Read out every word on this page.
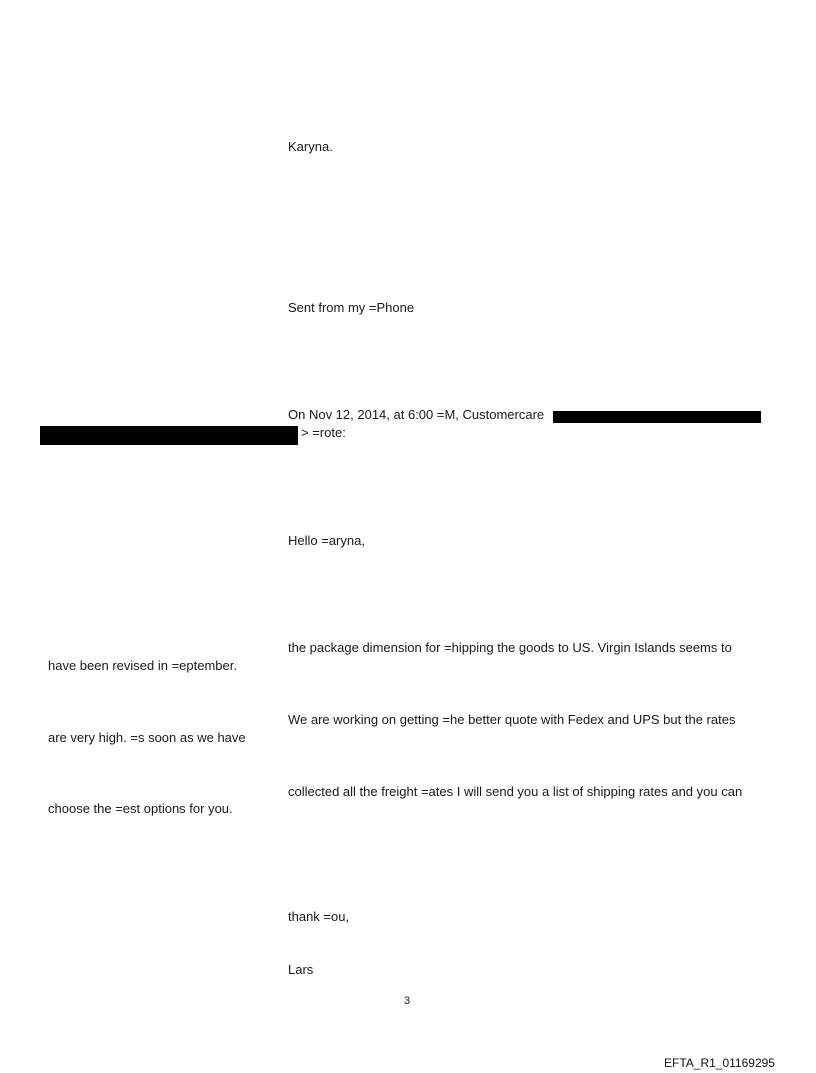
Karyna.
Sent from my =Phone
On Nov 12, 2014, at 6:00 =M, Customercare
> =rote:
Hello =aryna,
the package dimension for =hipping the goods to US. Virgin Islands seems to
have been revised in =eptember.
We are working on getting =he better quote with Fedex and UPS but the rates
are very high. =s soon as we have
collected all the freight =ates I will send you a list of shipping rates and you can
choose the =est options for you.
thank =ou,
Lars
3
EFTA_R1_01169295
